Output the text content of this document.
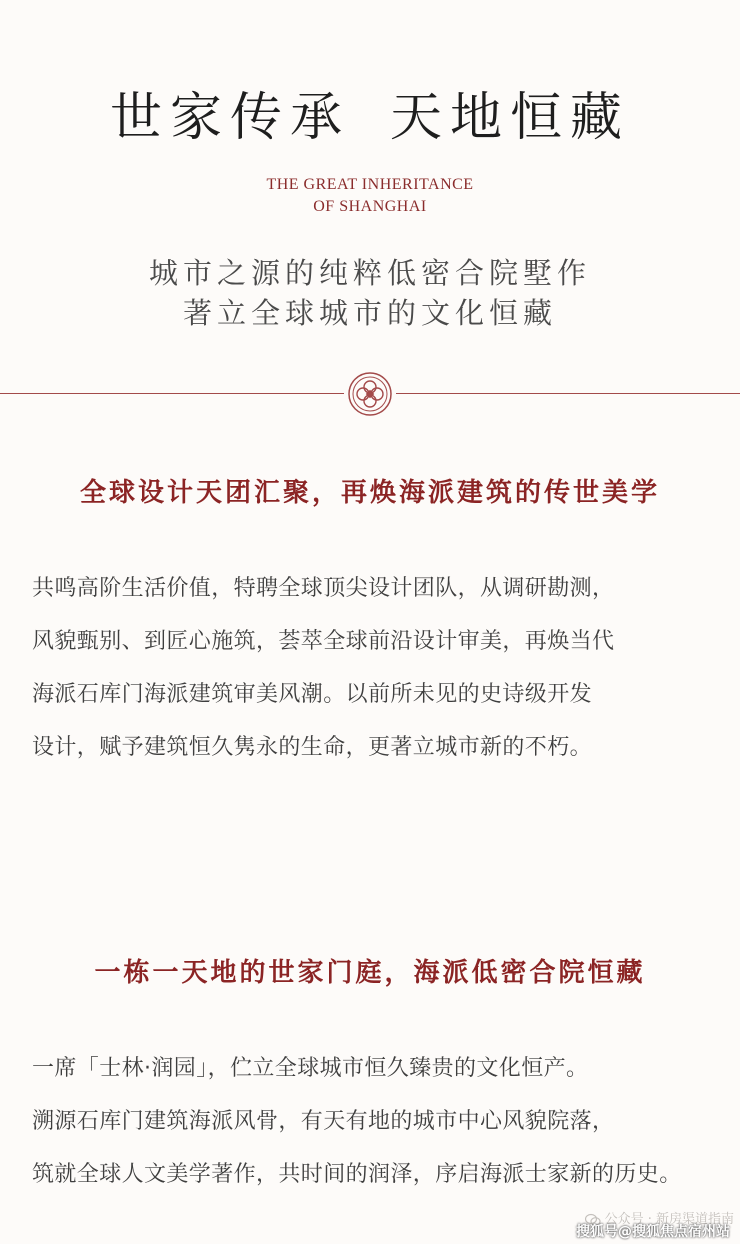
世家传承 天地恒藏
THE GREAT INHERITANCE
OF SHANGHAI
城市之源的纯粹低密合院墅作
著立全球城市的文化恒藏
全球设计天团汇聚，再焕海派建筑的传世美学
共鸣高阶生活价值，特聘全球顶尖设计团队，从调研勘测，
风貌甄别、到匠心施筑，荟萃全球前沿设计审美，再焕当代
海派石库门海派建筑审美风潮。以前所未见的史诗级开发
设计，赋予建筑恒久隽永的生命，更著立城市新的不朽。
一栋一天地的世家门庭，海派低密合院恒藏
一席「士林·润园」，伫立全球城市恒久臻贵的文化恒产。
溯源石库门建筑海派风骨，有天有地的城市中心风貌院落，
筑就全球人文美学著作，共时间的润泽，序启海派士家新的历史。
公众号 · 新房渠道指南
搜狐号@搜狐焦点宿州站
